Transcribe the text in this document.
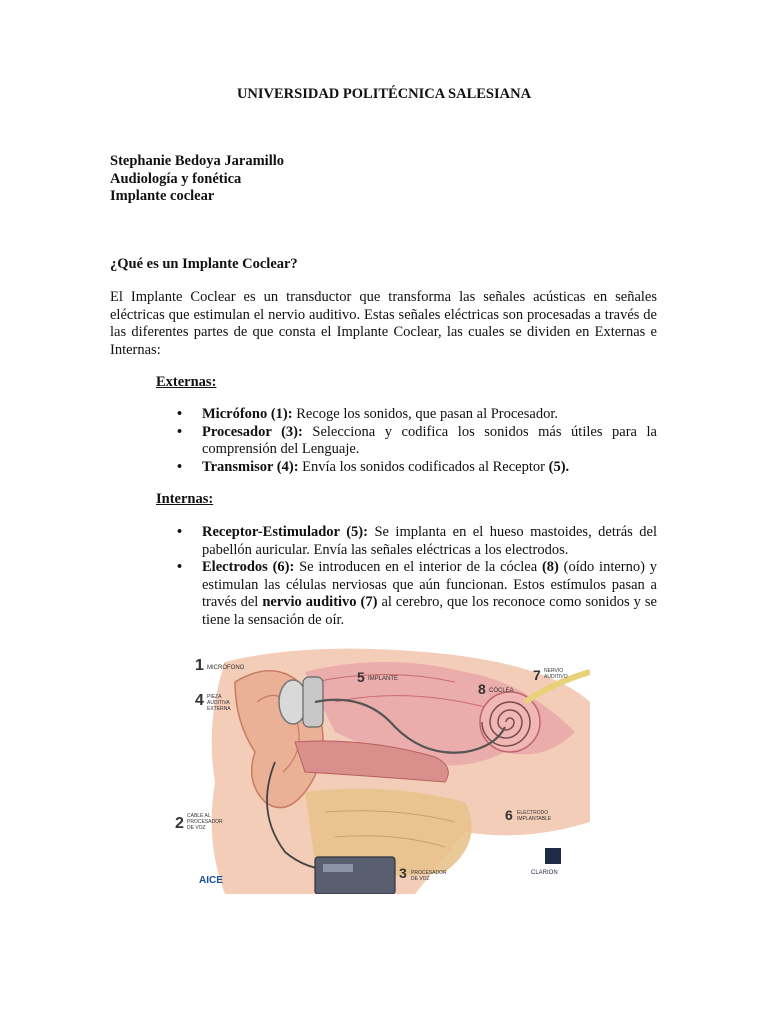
UNIVERSIDAD POLITÉCNICA SALESIANA
Stephanie Bedoya Jaramillo
Audiología y fonética
Implante coclear
¿Qué es un Implante Coclear?
El Implante Coclear es un transductor que transforma las señales acústicas en señales eléctricas que estimulan el nervio auditivo. Estas señales eléctricas son procesadas a través de las diferentes partes de que consta el Implante Coclear, las cuales se dividen en Externas e Internas:
Externas:
• Micrófono (1): Recoge los sonidos, que pasan al Procesador.
• Procesador (3): Selecciona y codifica los sonidos más útiles para la comprensión del Lenguaje.
• Transmisor (4): Envía los sonidos codificados al Receptor (5).
Internas:
• Receptor-Estimulador (5): Se implanta en el hueso mastoides, detrás del pabellón auricular. Envía las señales eléctricas a los electrodos.
• Electrodos (6): Se introducen en el interior de la cóclea (8) (oído interno) y estimulan las células nerviosas que aún funcionan. Estos estímulos pasan a través del nervio auditivo (7) al cerebro, que los reconoce como sonidos y se tiene la sensación de oír.
1 MICRÓFONO
4 PIEZA
AUDITIVA
EXTERNA
5 IMPLANTE
8 CÓCLEA
7 NERVIO
AUDITIVO
2 CABLE AL
PROCESADOR
DE VOZ
6 ELECTRODO
IMPLANTABLE
3 PROCESADOR
DE VOZ
AICE
CLARION
